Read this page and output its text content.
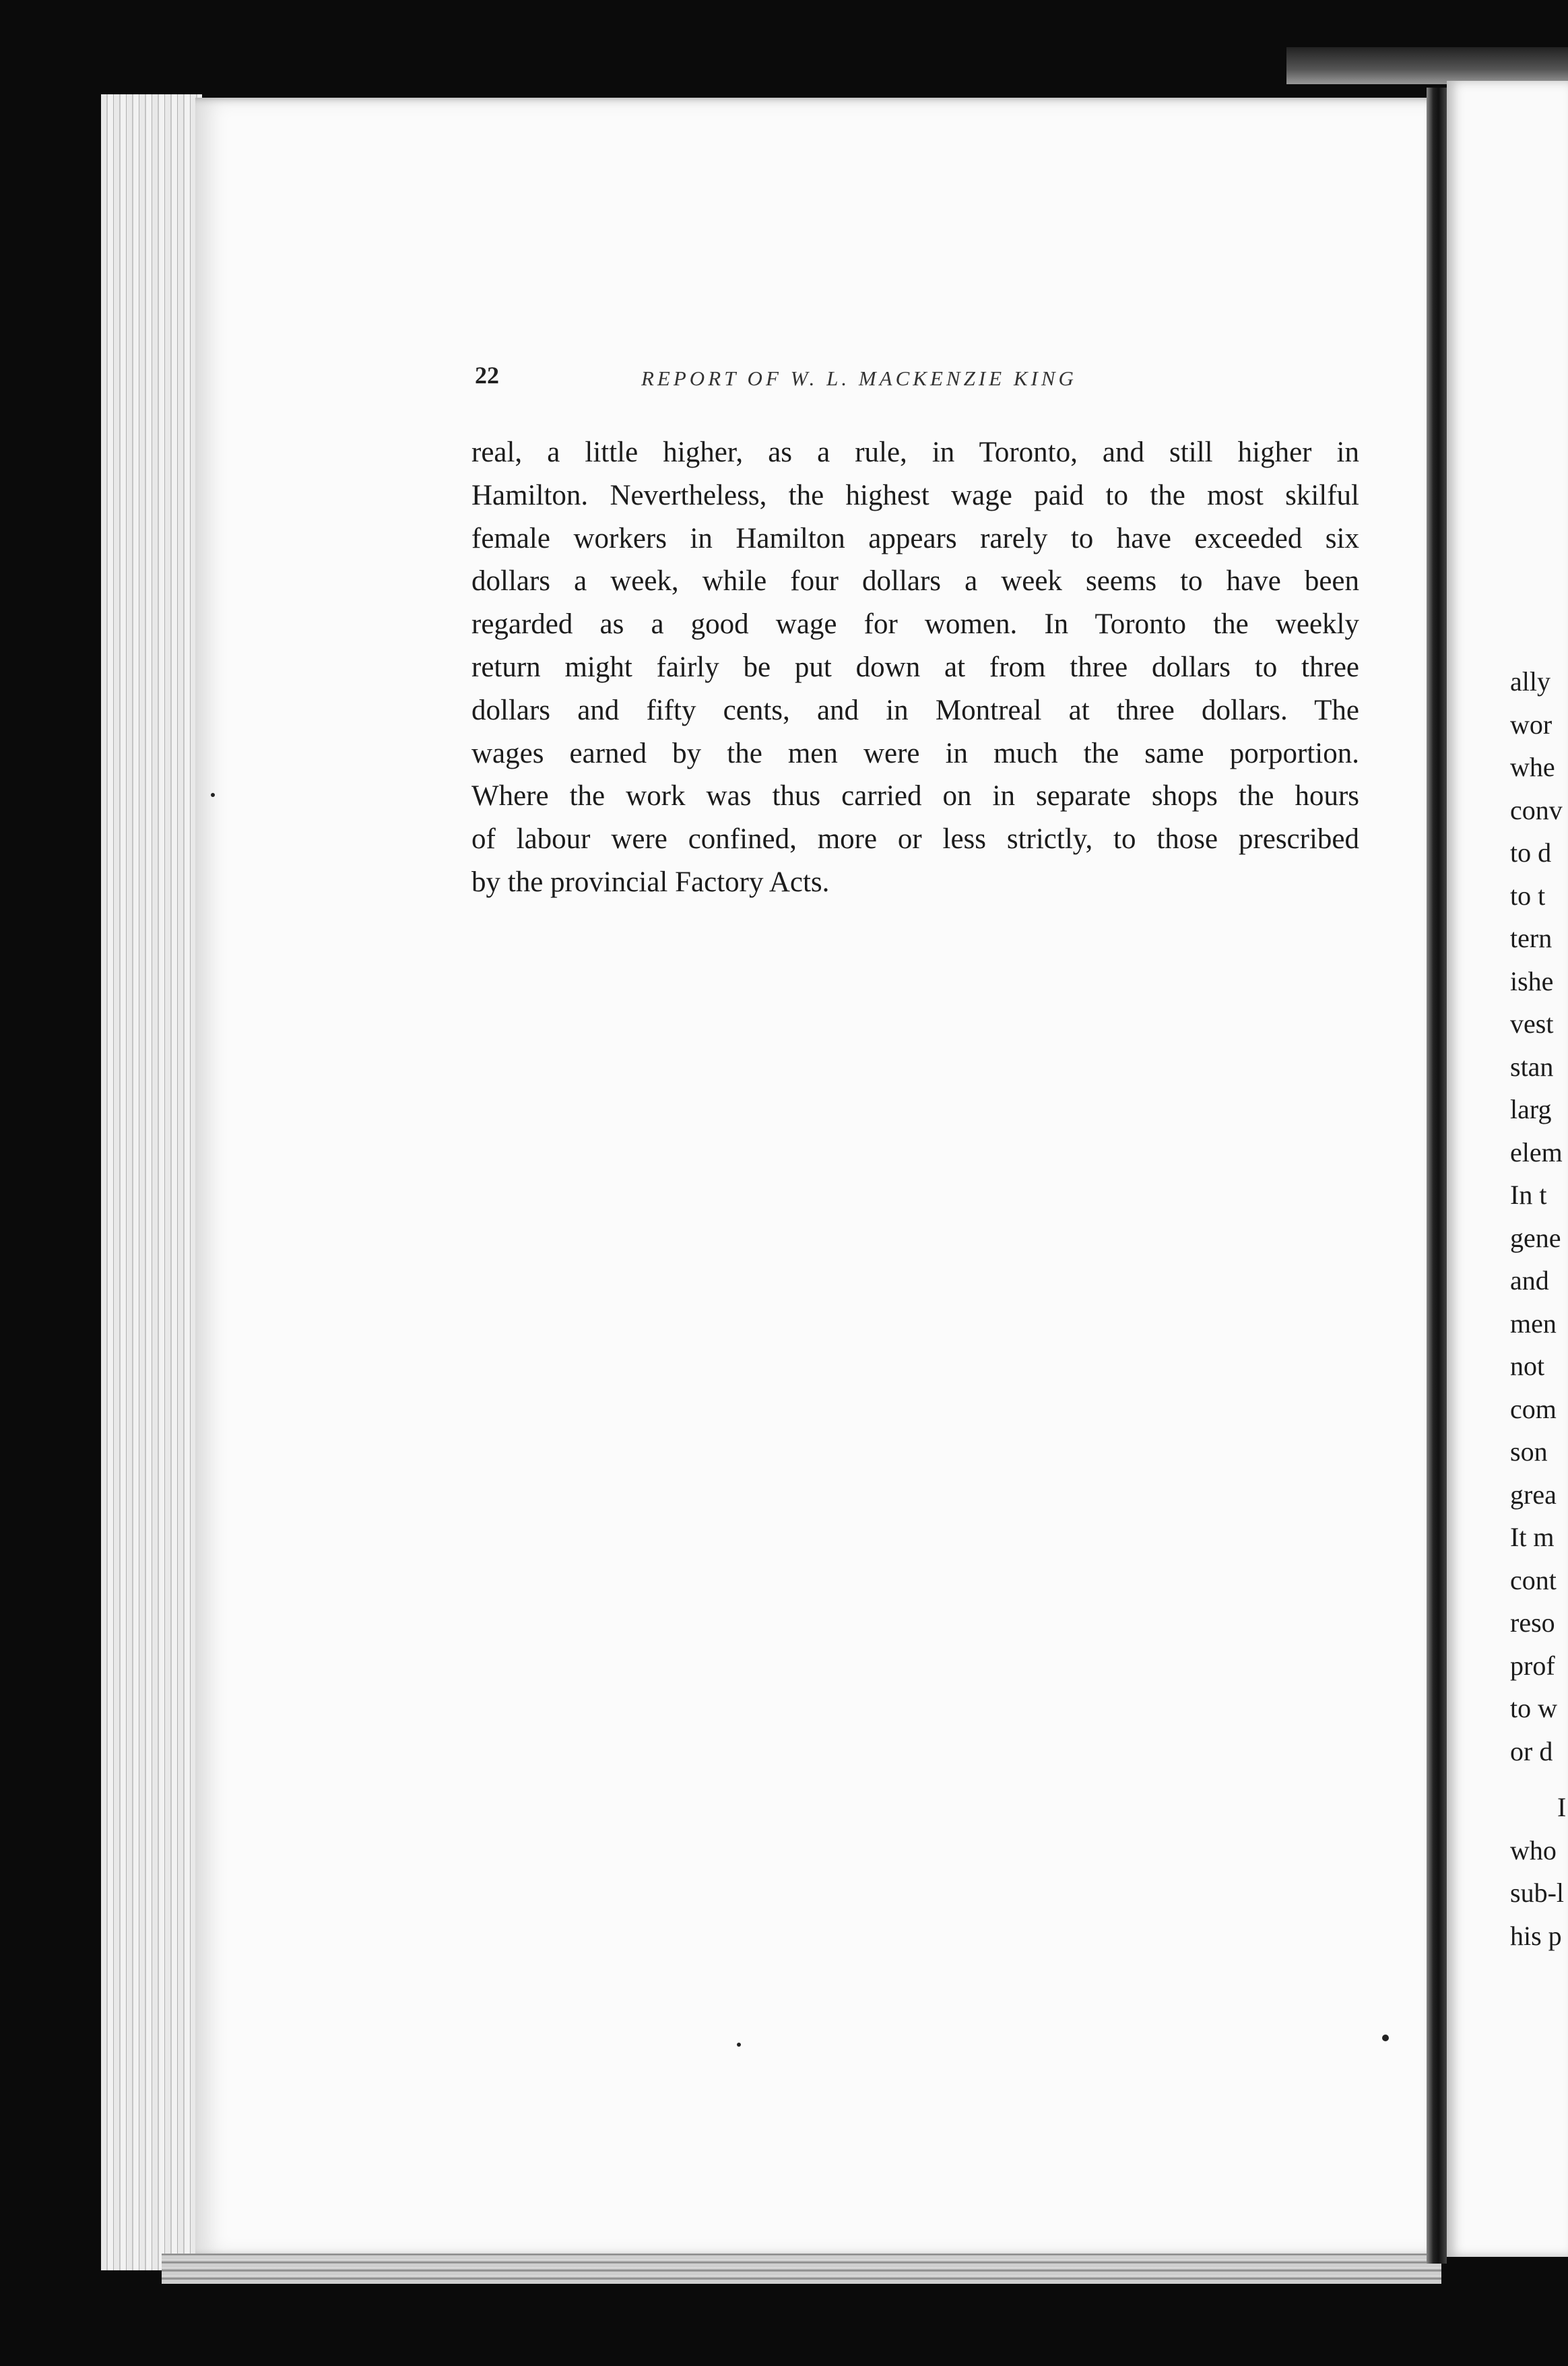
22	REPORT OF W. L. MACKENZIE KING
real, a little higher, as a rule, in Toronto, and still higher in
Hamilton. Nevertheless, the highest wage paid to the most skilful
female workers in Hamilton appears rarely to have exceeded six
dollars a week, while four dollars a week seems to have been
regarded as a good wage for women. In Toronto the weekly
return might fairly be put down at from three dollars to three
dollars and fifty cents, and in Montreal at three dollars. The
wages earned by the men were in much the same porportion.
Where the work was thus carried on in separate shops the hours
of labour were confined, more or less strictly, to those prescribed
by the provincial Factory Acts.
ally
wor
whe
conv
to d
to t
tern
ishe
vest
stan
larg
elem
In t
gene
and
men
not
com
son
grea
It m
cont
reso
prof
to w
or d
I
who
sub-l
his p
